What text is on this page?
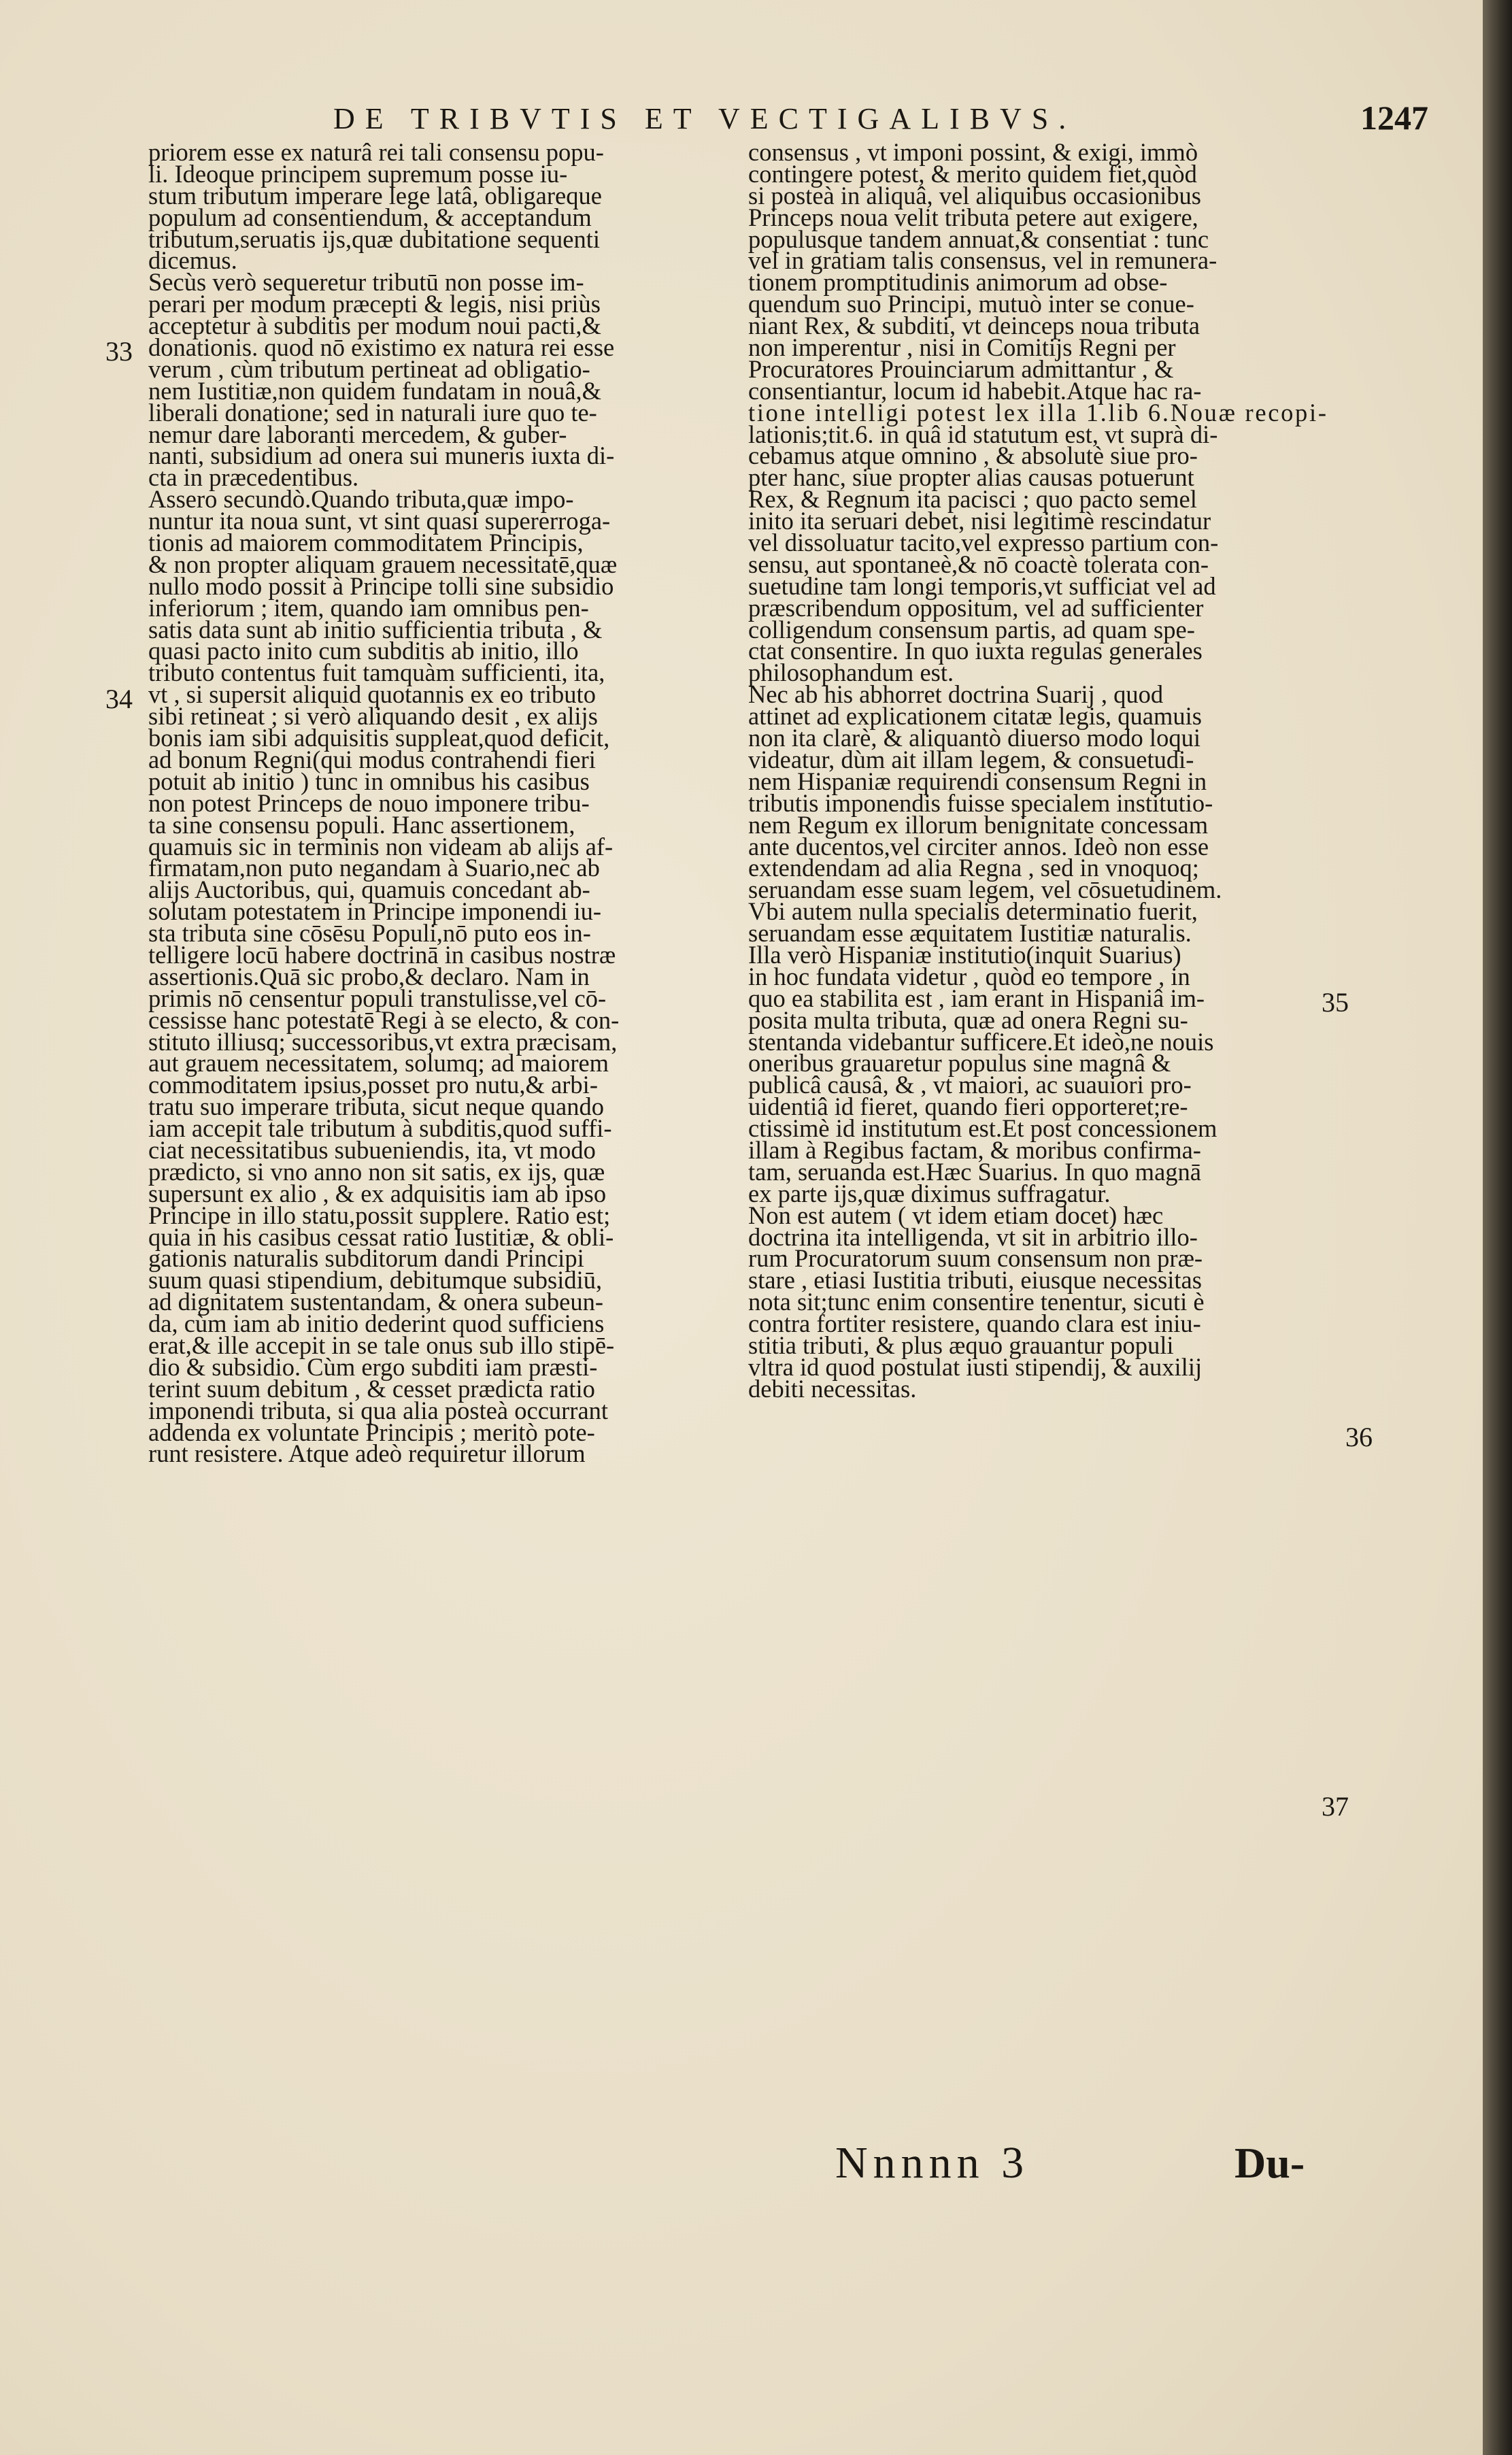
DE TRIBVTIS ET VECTIGALIBVS.	1247
priorem esse ex naturâ rei tali consensu popu-
li. Ideoque principem supremum posse iu-
stum tributum imperare lege latâ, obligareque
populum ad consentiendum, & acceptandum
tributum,seruatis ijs,quæ dubitatione sequenti
dicemus.
Secùs verò sequeretur tributū non posse im-
perari per modum præcepti & legis, nisi priùs
acceptetur à subditis per modum noui pacti,&
donationis. quod nō existimo ex natura rei esse
verum , cùm tributum pertineat ad obligatio-
nem Iustitiæ,non quidem fundatam in nouâ,&
liberali donatione; sed in naturali iure quo te-
nemur dare laboranti mercedem, & guber-
nanti, subsidium ad onera sui muneris iuxta di-
cta in præcedentibus.
Assero secundò.Quando tributa,quæ impo-
nuntur ita noua sunt, vt sint quasi supererroga-
tionis ad maiorem commoditatem Principis,
& non propter aliquam grauem necessitatē,quæ
nullo modo possit à Principe tolli sine subsidio
inferiorum ; item, quando iam omnibus pen-
satis data sunt ab initio sufficientia tributa , &
quasi pacto inito cum subditis ab initio, illo
tributo contentus fuit tamquàm sufficienti, ita,
vt , si supersit aliquid quotannis ex eo tributo
sibi retineat ; si verò aliquando desit , ex alijs
bonis iam sibi adquisitis suppleat,quod deficit,
ad bonum Regni(qui modus contrahendi fieri
potuit ab initio ) tunc in omnibus his casibus
non potest Princeps de nouo imponere tribu-
ta sine consensu populi. Hanc assertionem,
quamuis sic in terminis non videam ab alijs af-
firmatam,non puto negandam à Suario,nec ab
alijs Auctoribus, qui, quamuis concedant ab-
solutam potestatem in Principe imponendi iu-
sta tributa sine cōsēsu Populi,nō puto eos in-
telligere locū habere doctrinā in casibus nostræ
assertionis.Quā sic probo,& declaro. Nam in
primis nō censentur populi transtulisse,vel cō-
cessisse hanc potestatē Regi à se electo, & con-
stituto illiusq; successoribus,vt extra præcisam,
aut grauem necessitatem, solumq; ad maiorem
commoditatem ipsius,posset pro nutu,& arbi-
tratu suo imperare tributa, sicut neque quando
iam accepit tale tributum à subditis,quod suffi-
ciat necessitatibus subueniendis, ita, vt modo
prædicto, si vno anno non sit satis, ex ijs, quæ
supersunt ex alio , & ex adquisitis iam ab ipso
Principe in illo statu,possit supplere. Ratio est;
quia in his casibus cessat ratio Iustitiæ, & obli-
gationis naturalis subditorum dandi Principi
suum quasi stipendium, debitumque subsidiū,
ad dignitatem sustentandam, & onera subeun-
da, cùm iam ab initio dederint quod sufficiens
erat,& ille accepit in se tale onus sub illo stipē-
dio & subsidio. Cùm ergo subditi iam præsti-
terint suum debitum , & cesset prædicta ratio
imponendi tributa, si qua alia posteà occurrant
addenda ex voluntate Principis ; meritò pote-
runt resistere. Atque adeò requiretur illorum
consensus , vt imponi possint, & exigi, immò
contingere potest, & merito quidem fiet,quòd
si posteà in aliquâ, vel aliquibus occasionibus
Princeps noua velit tributa petere aut exigere,
populusque tandem annuat,& consentiat : tunc
vel in gratiam talis consensus, vel in remunera-
tionem promptitudinis animorum ad obse-
quendum suo Principi, mutuò inter se conue-
niant Rex, & subditi, vt deinceps noua tributa
non imperentur , nisi in Comitijs Regni per
Procuratores Prouinciarum admittantur , &
consentiantur, locum id habebit.Atque hac ra-
tione intelligi potest lex illa 1.lib 6.Nouæ recopi-
lationis;tit.6. in quâ id statutum est, vt suprà di-
cebamus atque omnino , & absolutè siue pro-
pter hanc, siue propter alias causas potuerunt
Rex, & Regnum ita pacisci ; quo pacto semel
inito ita seruari debet, nisi legitimè rescindatur
vel dissoluatur tacito,vel expresso partium con-
sensu, aut spontaneè,& nō coactè tolerata con-
suetudine tam longi temporis,vt sufficiat vel ad
præscribendum oppositum, vel ad sufficienter
colligendum consensum partis, ad quam spe-
ctat consentire. In quo iuxta regulas generales
philosophandum est.
Nec ab his abhorret doctrina Suarij , quod
attinet ad explicationem citatæ legis, quamuis
non ita clarè, & aliquantò diuerso modo loqui
videatur, dùm ait illam legem, & consuetudi-
nem Hispaniæ requirendi consensum Regni in
tributis imponendis fuisse specialem institutio-
nem Regum ex illorum benignitate concessam
ante ducentos,vel circiter annos. Ideò non esse
extendendam ad alia Regna , sed in vnoquoq;
seruandam esse suam legem, vel cōsuetudinem.
Vbi autem nulla specialis determinatio fuerit,
seruandam esse æquitatem Iustitiæ naturalis.
Illa verò Hispaniæ institutio(inquit Suarius)
in hoc fundata videtur , quòd eo tempore , in
quo ea stabilita est , iam erant in Hispaniâ im-
posita multa tributa, quæ ad onera Regni su-
stentanda videbantur sufficere.Et ideò,ne nouis
oneribus grauaretur populus sine magnâ &
publicâ causâ, & , vt maiori, ac suauiori pro-
uidentiâ id fieret, quando fieri opporteret;re-
ctissimè id institutum est.Et post concessionem
illam à Regibus factam, & moribus confirma-
tam, seruanda est.Hæc Suarius. In quo magnā
ex parte ijs,quæ diximus suffragatur.
Non est autem ( vt idem etiam docet) hæc
doctrina ita intelligenda, vt sit in arbitrio illo-
rum Procuratorum suum consensum non præ-
stare , etiasi Iustitia tributi, eiusque necessitas
nota sit;tunc enim consentire tenentur, sicuti è
contra fortiter resistere, quando clara est iniu-
stitia tributi, & plus æquo grauantur populi
vltra id quod postulat iusti stipendij, & auxilij
debiti necessitas.
33
34
35
36
37
Nnnnn 3	Du-
